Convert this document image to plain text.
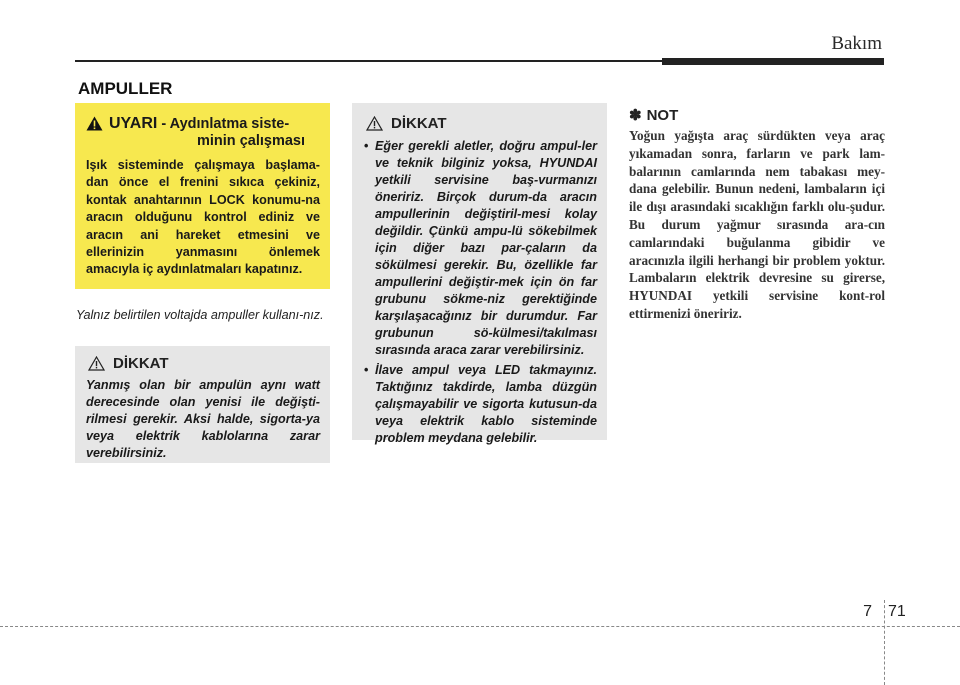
Bakım
AMPULLER
UYARI - Aydınlatma siste-
minin çalışması
Işık sisteminde çalışmaya başlama-dan önce el frenini sıkıca çekiniz, kontak anahtarının LOCK konumu-na aracın olduğunu kontrol ediniz ve aracın ani hareket etmesini ve ellerinizin yanmasını önlemek amacıyla iç aydınlatmaları kapatınız.
Yalnız belirtilen voltajda ampuller kullanı-nız.
DİKKAT
Yanmış olan bir ampulün aynı watt derecesinde olan yenisi ile değişti-rilmesi gerekir. Aksi halde, sigorta-ya veya elektrik kablolarına zarar verebilirsiniz.
DİKKAT
• Eğer gerekli aletler, doğru ampul-ler ve teknik bilginiz yoksa, HYUNDAI yetkili servisine baş-vurmanızı öneririz. Birçok durum-da aracın ampullerinin değiştiril-mesi kolay değildir. Çünkü ampu-lü sökebilmek için diğer bazı par-çaların da sökülmesi gerekir. Bu, özellikle far ampullerini değiştir-mek için ön far grubunu sökme-niz gerektiğinde karşılaşacağınız bir durumdur. Far grubunun sö-külmesi/takılması sırasında araca zarar verebilirsiniz.
• İlave ampul veya LED takmayınız. Taktığınız takdirde, lamba düzgün çalışmayabilir ve sigorta kutusun-da veya elektrik kablo sisteminde problem meydana gelebilir.
✽ NOT
Yoğun yağışta araç sürdükten veya araç yıkamadan sonra, farların ve park lam-balarının camlarında nem tabakası mey-dana gelebilir. Bunun nedeni, lambaların içi ile dışı arasındaki sıcaklığın farklı olu-şudur. Bu durum yağmur sırasında ara-cın camlarındaki buğulanma gibidir ve aracınızla ilgili herhangi bir problem yoktur. Lambaların elektrik devresine su girerse, HYUNDAI yetkili servisine kont-rol ettirmenizi öneririz.
7 71
